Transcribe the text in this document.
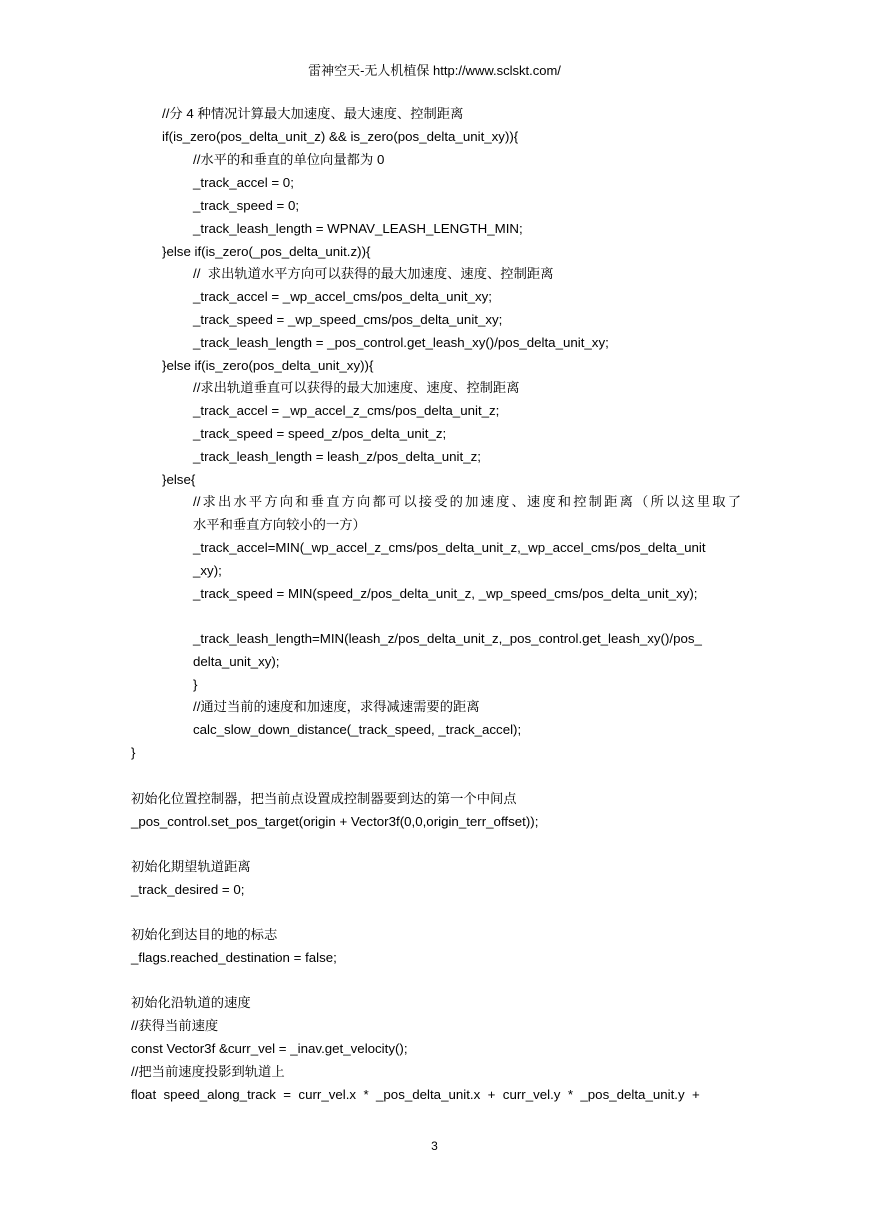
雷神空天-无人机植保 http://www.sclskt.com/
//分 4 种情况计算最大加速度、最大速度、控制距离
if(is_zero(pos_delta_unit_z) && is_zero(pos_delta_unit_xy)){
//水平的和垂直的单位向量都为 0
_track_accel = 0;
_track_speed = 0;
_track_leash_length = WPNAV_LEASH_LENGTH_MIN;
}else if(is_zero(_pos_delta_unit.z)){
//  求出轨道水平方向可以获得的最大加速度、速度、控制距离
_track_accel = _wp_accel_cms/pos_delta_unit_xy;
_track_speed = _wp_speed_cms/pos_delta_unit_xy;
_track_leash_length = _pos_control.get_leash_xy()/pos_delta_unit_xy;
}else if(is_zero(pos_delta_unit_xy)){
//求出轨道垂直可以获得的最大加速度、速度、控制距离
_track_accel = _wp_accel_z_cms/pos_delta_unit_z;
_track_speed = speed_z/pos_delta_unit_z;
_track_leash_length = leash_z/pos_delta_unit_z;
}else{
//求出水平方向和垂直方向都可以接受的加速度、速度和控制距离（所以这里取了
水平和垂直方向较小的一方）
_track_accel=MIN(_wp_accel_z_cms/pos_delta_unit_z,_wp_accel_cms/pos_delta_unit
_xy);
_track_speed = MIN(speed_z/pos_delta_unit_z, _wp_speed_cms/pos_delta_unit_xy);
_track_leash_length=MIN(leash_z/pos_delta_unit_z,_pos_control.get_leash_xy()/pos_
delta_unit_xy);
}
//通过当前的速度和加速度，求得减速需要的距离
calc_slow_down_distance(_track_speed, _track_accel);
}
初始化位置控制器，把当前点设置成控制器要到达的第一个中间点
_pos_control.set_pos_target(origin + Vector3f(0,0,origin_terr_offset));
初始化期望轨道距离
_track_desired = 0;
初始化到达目的地的标志
_flags.reached_destination = false;
初始化沿轨道的速度
//获得当前速度
const Vector3f &curr_vel = _inav.get_velocity();
//把当前速度投影到轨道上
float  speed_along_track  =  curr_vel.x  *  _pos_delta_unit.x  +  curr_vel.y  *  _pos_delta_unit.y  +
3
